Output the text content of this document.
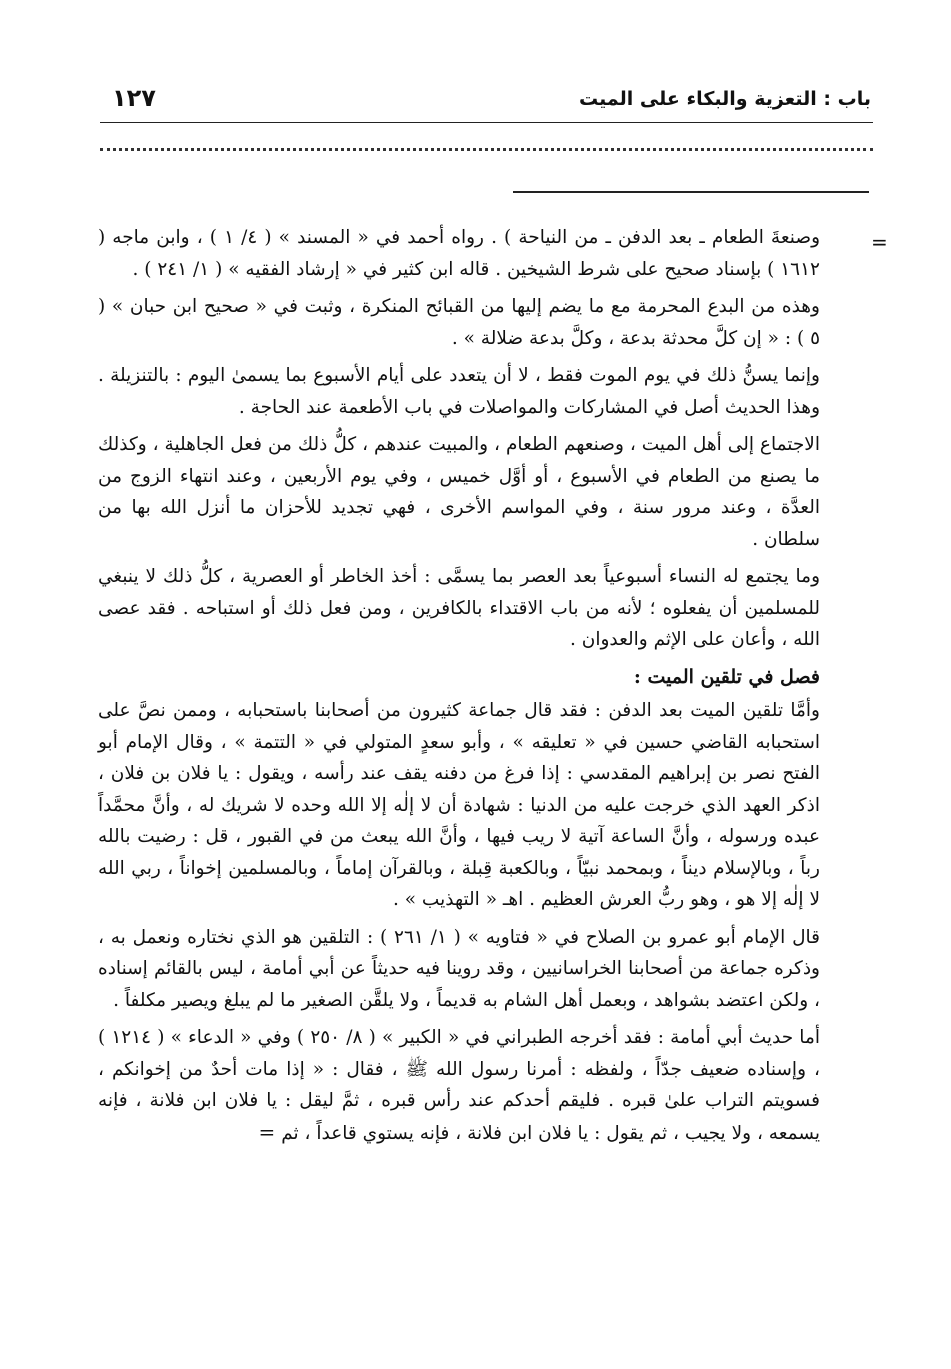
باب : التعزية والبكاء على الميت
١٢٧
=

وصنعةَ الطعام ـ بعد الدفن ـ من النياحة ) . رواه أحمد في « المسند » ( ٤/ ١ ) ، وابن ماجه ( ١٦١٢ ) بإسناد صحيح على شرط الشيخين . قاله ابن كثير في « إرشاد الفقيه » ( ١/ ٢٤١ ) .

وهذه من البدع المحرمة مع ما يضم إليها من القبائح المنكرة ، وثبت في « صحيح ابن حبان » ( ٥ ) : « إن كلَّ محدثة بدعة ، وكلَّ بدعة ضلالة » .

وإنما يسنُّ ذلك في يوم الموت فقط ، لا أن يتعدد على أيام الأسبوع بما يسمىٰ اليوم : بالتنزيلة . وهذا الحديث أصل في المشاركات والمواصلات في باب الأطعمة عند الحاجة .

الاجتماع إلى أهل الميت ، وصنعهم الطعام ، والمبيت عندهم ، كلُّ ذلك من فعل الجاهلية ، وكذلك ما يصنع من الطعام في الأسبوع ، أو أوَّل خميس ، وفي يوم الأربعين ، وعند انتهاء الزوج من العدَّة ، وعند مرور سنة ، وفي المواسم الأخرى ، فهي تجديد للأحزان ما أنزل الله بها من سلطان .

وما يجتمع له النساء أسبوعياً بعد العصر بما يسمَّى : أخذ الخاطر أو العصرية ، كلُّ ذلك لا ينبغي للمسلمين أن يفعلوه ؛ لأنه من باب الاقتداء بالكافرين ، ومن فعل ذلك أو استباحه . فقد عصى الله ، وأعان على الإثم والعدوان .

فصل في تلقين الميت :

وأمَّا تلقين الميت بعد الدفن : فقد قال جماعة كثيرون من أصحابنا باستحبابه ، وممن نصَّ على استحبابه القاضي حسين في « تعليقه » ، وأبو سعدٍ المتولي في « التتمة » ، وقال الإمام أبو الفتح نصر بن إبراهيم المقدسي : إذا فرغ من دفنه يقف عند رأسه ، ويقول : يا فلان بن فلان ، اذكر العهد الذي خرجت عليه من الدنيا : شهادة أن لا إلٰه إلا الله وحده لا شريك له ، وأنَّ محمَّداً عبده ورسوله ، وأنَّ الساعة آتية لا ريب فيها ، وأنَّ الله يبعث من في القبور ، قل : رضيت بالله رباً ، وبالإسلام ديناً ، وبمحمد نبيّاً ، وبالكعبة قِبلة ، وبالقرآن إماماً ، وبالمسلمين إخواناً ، ربي الله لا إلٰه إلا هو ، وهو ربُّ العرش العظيم . اهـ « التهذيب » .

قال الإمام أبو عمرو بن الصلاح في « فتاويه » ( ١/ ٢٦١ ) : التلقين هو الذي نختاره ونعمل به ، وذكره جماعة من أصحابنا الخراسانيين ، وقد روينا فيه حديثاً عن أبي أمامة ، ليس بالقائم إسناده ، ولكن اعتضد بشواهد ، وبعمل أهل الشام به قديماً ، ولا يلقَّن الصغير ما لم يبلغ ويصير مكلفاً .

أما حديث أبي أمامة : فقد أخرجه الطبراني في « الكبير » ( ٨/ ٢٥٠ ) وفي « الدعاء » ( ١٢١٤ ) ، وإسناده ضعيف جدّاً ، ولفظه : أمرنا رسول الله ﷺ ، فقال : « إذا مات أحدٌ من إخوانكم ، فسويتم التراب علىٰ قبره . فليقم أحدكم عند رأس قبره ، ثمَّ ليقل : يا فلان ابن فلانة ، فإنه يسمعه ، ولا يجيب ، ثم يقول : يا فلان ابن فلانة ، فإنه يستوي قاعداً ، ثم =
